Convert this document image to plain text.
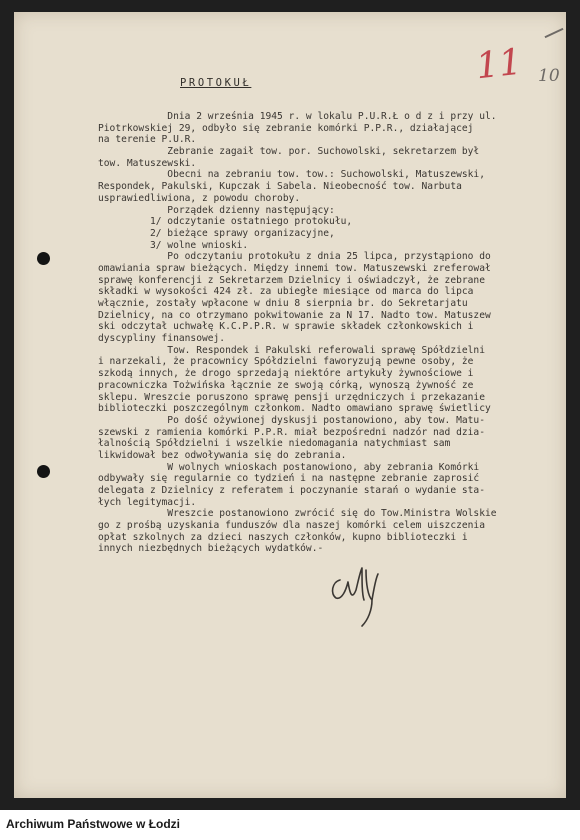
11 10
PROTOKUŁ
Dnia 2 września 1945 r. w lokalu P.U.R.Ł o d z i przy ul.
Piotrkowskiej 29, odbyło się zebranie komórki P.P.R., działającej
na terenie P.U.R.
Zebranie zagaił tow. por. Suchowolski, sekretarzem był
tow. Matuszewski.
Obecni na zebraniu tow. tow.: Suchowolski, Matuszewski,
Respondek, Pakulski, Kupczak i Sabela. Nieobecność tow. Narbuta
usprawiedliwiona, z powodu choroby.
Porządek dzienny następujący:
1/ odczytanie ostatniego protokułu,
2/ bieżące sprawy organizacyjne,
3/ wolne wnioski.
Po odczytaniu protokułu z dnia 25 lipca, przystąpiono do
omawiania spraw bieżących. Między innemi tow. Matuszewski zreferował
sprawę konferencji z Sekretarzem Dzielnicy i oświadczył, że zebrane
składki w wysokości 424 zł. za ubiegłe miesiące od marca do lipca
włącznie, zostały wpłacone w dniu 8 sierpnia br. do Sekretarjatu
Dzielnicy, na co otrzymano pokwitowanie za N 17. Nadto tow. Matuszew
ski odczytał uchwałę K.C.P.P.R. w sprawie składek członkowskich i
dyscypliny finansowej.
Tow. Respondek i Pakulski referowali sprawę Spółdzielni
i narzekali, że pracownicy Spółdzielni faworyzują pewne osoby, że
szkodą innych, że drogo sprzedają niektóre artykuły żywnościowe i
pracowniczka Tożwińska łącznie ze swoją córką, wynoszą żywność ze
sklepu. Wreszcie poruszono sprawę pensji urzędniczych i przekazanie
biblioteczki poszczególnym członkom. Nadto omawiano sprawę świetlicy
Po dość ożywionej dyskusji postanowiono, aby tow. Matu-
szewski z ramienia komórki P.P.R. miał bezpośredni nadzór nad dzia-
łalnością Spółdzielni i wszelkie niedomagania natychmiast sam
likwidował bez odwoływania się do zebrania.
W wolnych wnioskach postanowiono, aby zebrania Komórki
odbywały się regularnie co tydzień i na następne zebranie zaprosić
delegata z Dzielnicy z referatem i poczynanie starań o wydanie sta-
łych legitymacji.
Wreszcie postanowiono zwrócić się do Tow.Ministra Wolskie
go z prośbą uzyskania funduszów dla naszej komórki celem uiszczenia
opłat szkolnych za dzieci naszych członków, kupno biblioteczki i
innych niezbędnych bieżących wydatków.-
Archiwum Państwowe w Łodzi
